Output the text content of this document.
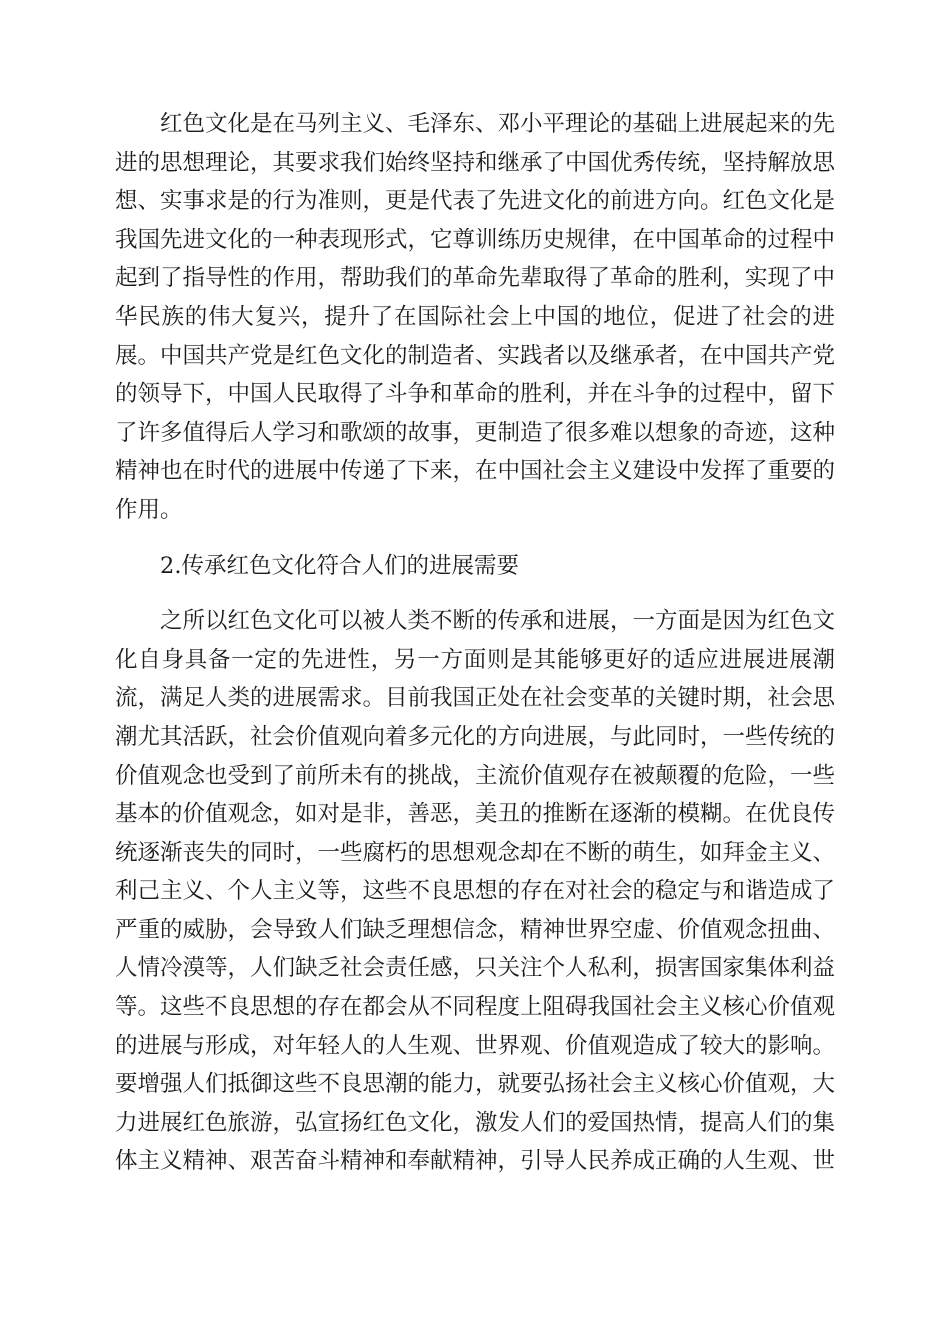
红色文化是在马列主义、毛泽东、邓小平理论的基础上进展起来的先进的思想理论，其要求我们始终坚持和继承了中国优秀传统，坚持解放思想、实事求是的行为准则，更是代表了先进文化的前进方向。红色文化是我国先进文化的一种表现形式，它尊训练历史规律，在中国革命的过程中起到了指导性的作用，帮助我们的革命先辈取得了革命的胜利，实现了中华民族的伟大复兴，提升了在国际社会上中国的地位，促进了社会的进展。中国共产党是红色文化的制造者、实践者以及继承者，在中国共产党的领导下，中国人民取得了斗争和革命的胜利，并在斗争的过程中，留下了许多值得后人学习和歌颂的故事，更制造了很多难以想象的奇迹，这种精神也在时代的进展中传递了下来，在中国社会主义建设中发挥了重要的作用。

2.传承红色文化符合人们的进展需要

之所以红色文化可以被人类不断的传承和进展，一方面是因为红色文化自身具备一定的先进性，另一方面则是其能够更好的适应进展进展潮流，满足人类的进展需求。目前我国正处在社会变革的关键时期，社会思潮尤其活跃，社会价值观向着多元化的方向进展，与此同时，一些传统的价值观念也受到了前所未有的挑战，主流价值观存在被颠覆的危险，一些基本的价值观念，如对是非，善恶，美丑的推断在逐渐的模糊。在优良传统逐渐丧失的同时，一些腐朽的思想观念却在不断的萌生，如拜金主义、利己主义、个人主义等，这些不良思想的存在对社会的稳定与和谐造成了严重的威胁，会导致人们缺乏理想信念，精神世界空虚、价值观念扭曲、人情冷漠等，人们缺乏社会责任感，只关注个人私利，损害国家集体利益等。这些不良思想的存在都会从不同程度上阻碍我国社会主义核心价值观的进展与形成，对年轻人的人生观、世界观、价值观造成了较大的影响。要增强人们抵御这些不良思潮的能力，就要弘扬社会主义核心价值观，大力进展红色旅游，弘宣扬红色文化，激发人们的爱国热情，提高人们的集体主义精神、艰苦奋斗精神和奉献精神，引导人民养成正确的人生观、世
